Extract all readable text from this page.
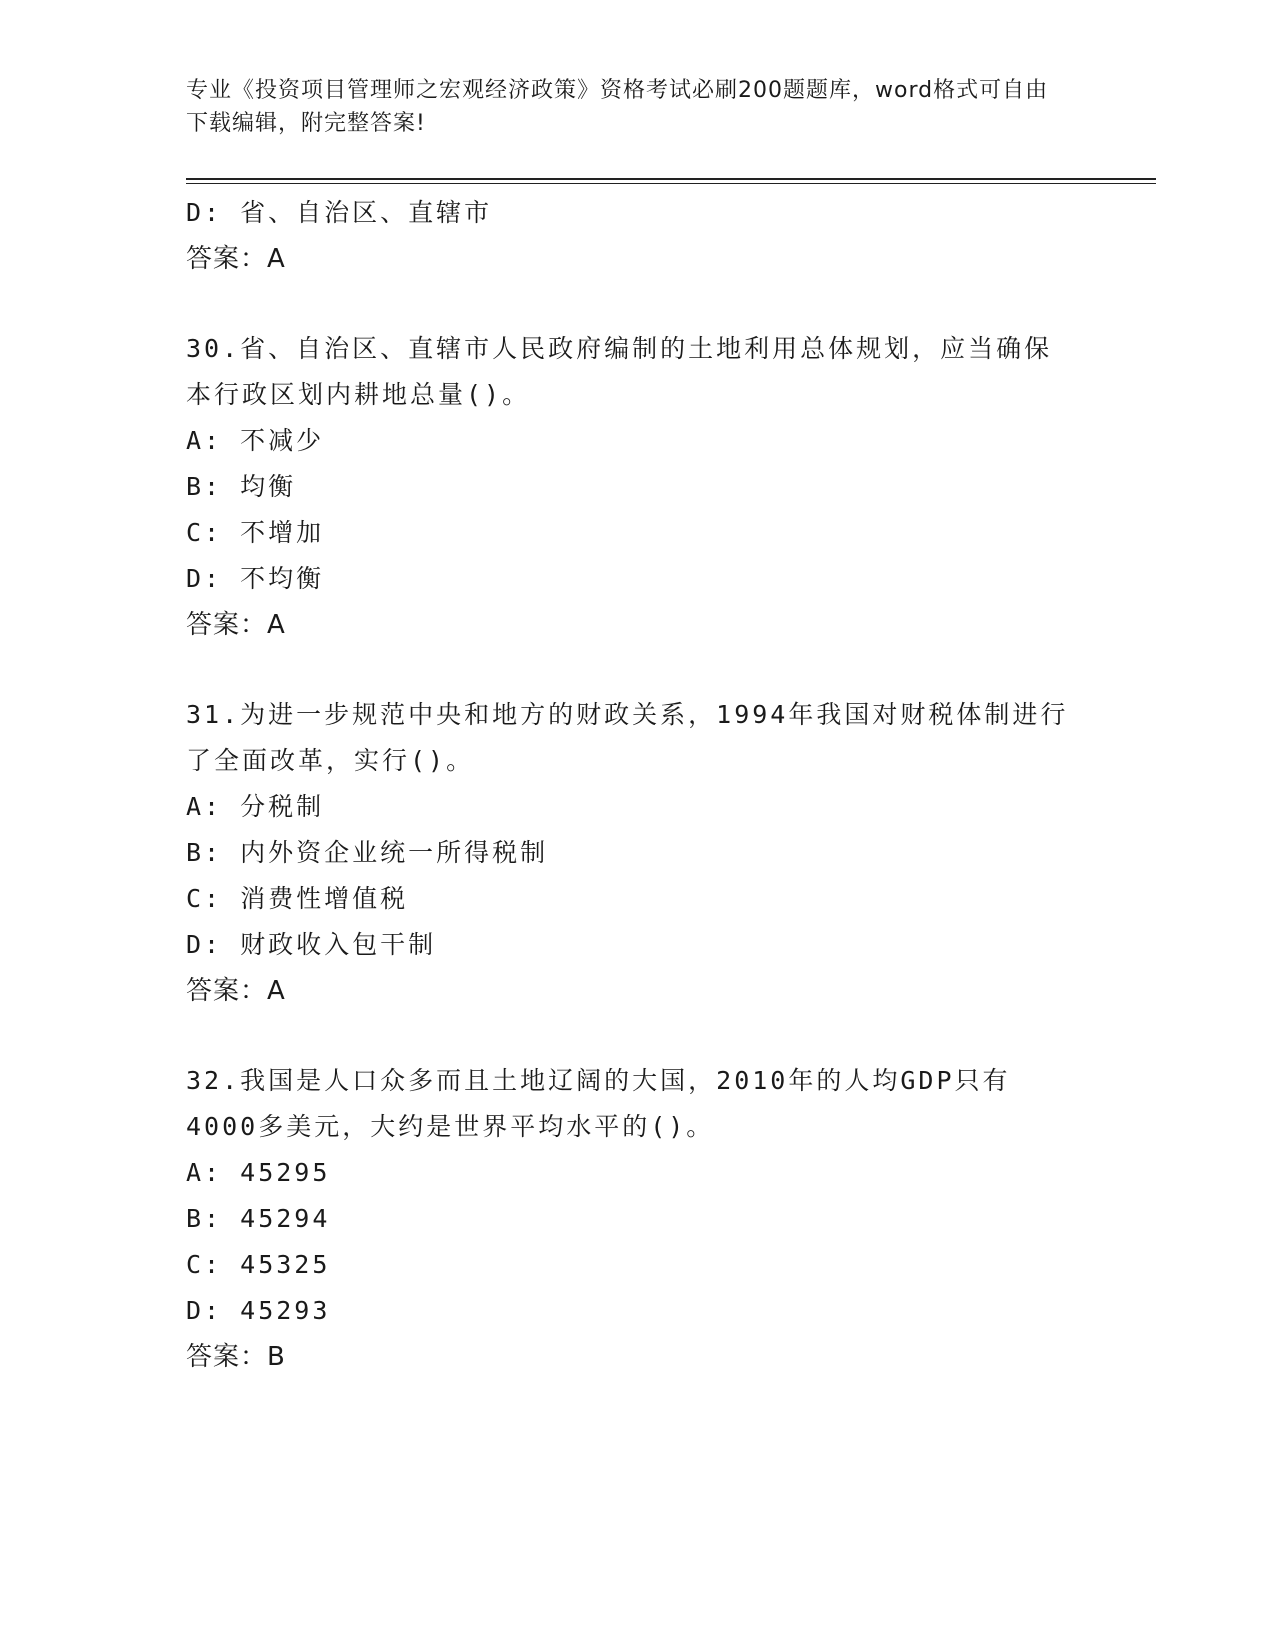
专业《投资项目管理师之宏观经济政策》资格考试必刷200题题库，word格式可自由下载编辑，附完整答案!
D: 省、自治区、直辖市
答案：A
30.省、自治区、直辖市人民政府编制的土地利用总体规划，应当确保
本行政区划内耕地总量()。
A: 不减少
B: 均衡
C: 不增加
D: 不均衡
答案：A
31.为进一步规范中央和地方的财政关系，1994年我国对财税体制进行
了全面改革，实行()。
A: 分税制
B: 内外资企业统一所得税制
C: 消费性增值税
D: 财政收入包干制
答案：A
32.我国是人口众多而且土地辽阔的大国，2010年的人均GDP只有
4000多美元，大约是世界平均水平的()。
A: 45295
B: 45294
C: 45325
D: 45293
答案：B
